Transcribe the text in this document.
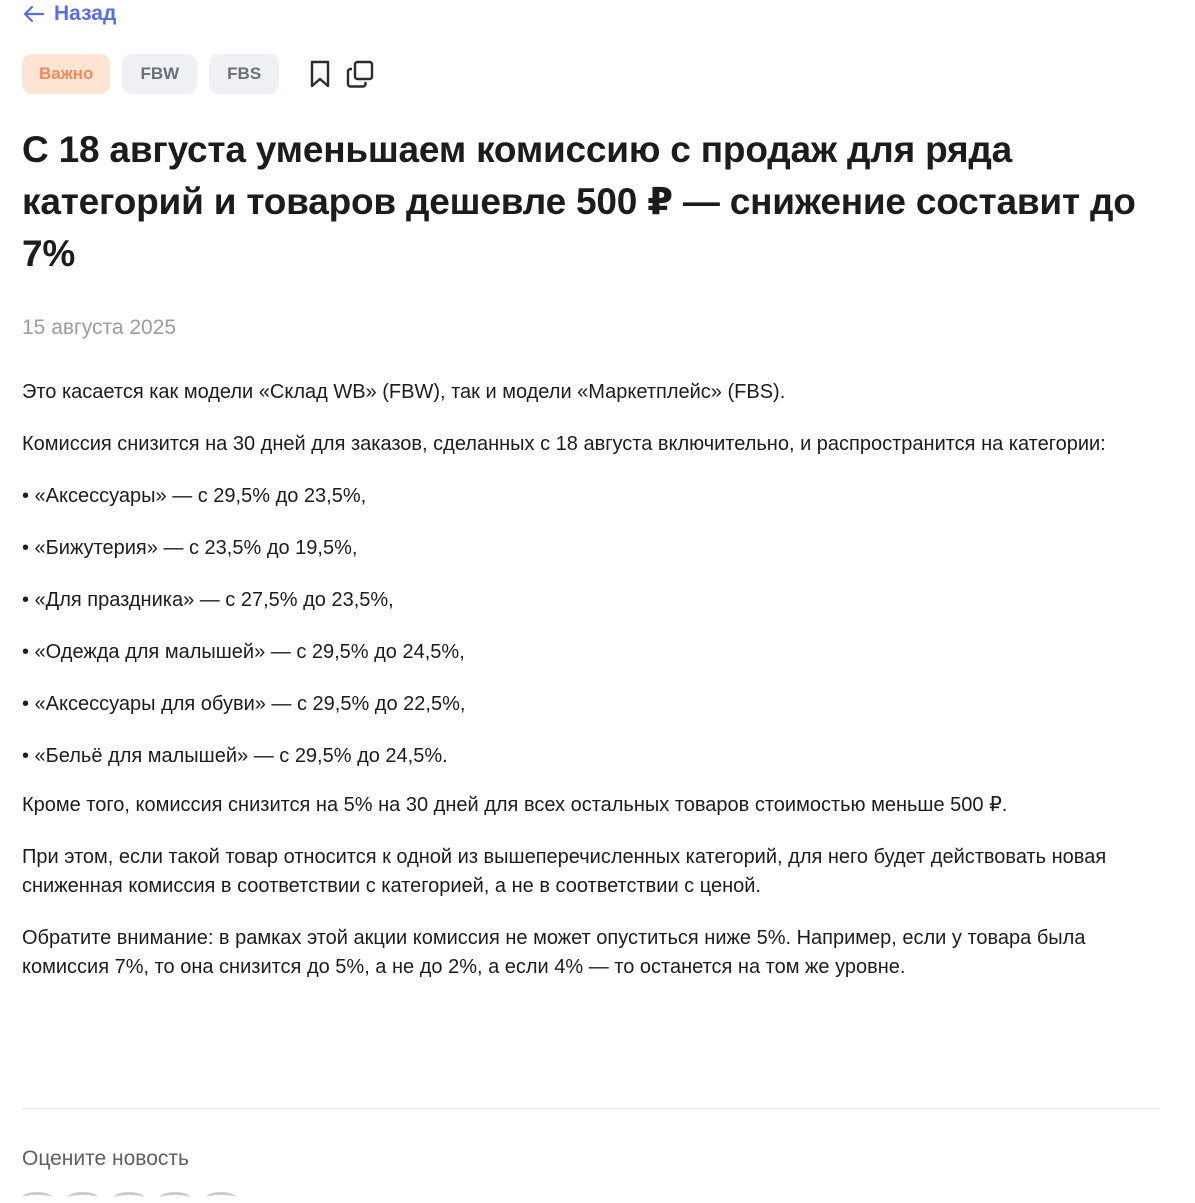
Назад
Важно	FBW	FBS
С 18 августа уменьшаем комиссию с продаж для ряда категорий и товаров дешевле 500 ₽ — снижение составит до 7%
15 августа 2025

Это касается как модели «Склад WB» (FBW), так и модели «Маркетплейс» (FBS).

Комиссия снизится на 30 дней для заказов, сделанных с 18 августа включительно, и распространится на категории:

• «Аксессуары» — с 29,5% до 23,5%,

• «Бижутерия» — с 23,5% до 19,5%,

• «Для праздника» — с 27,5% до 23,5%,

• «Одежда для малышей» — с 29,5% до 24,5%,

• «Аксессуары для обуви» — с 29,5% до 22,5%,

• «Бельё для малышей» — с 29,5% до 24,5%.

Кроме того, комиссия снизится на 5% на 30 дней для всех остальных товаров стоимостью меньше 500 ₽.

При этом, если такой товар относится к одной из вышеперечисленных категорий, для него будет действовать новая сниженная комиссия в соответствии с категорией, а не в соответствии с ценой.

Обратите внимание: в рамках этой акции комиссия не может опуститься ниже 5%. Например, если у товара была комиссия 7%, то она снизится до 5%, а не до 2%, а если 4% — то останется на том же уровне.

Оцените новость
